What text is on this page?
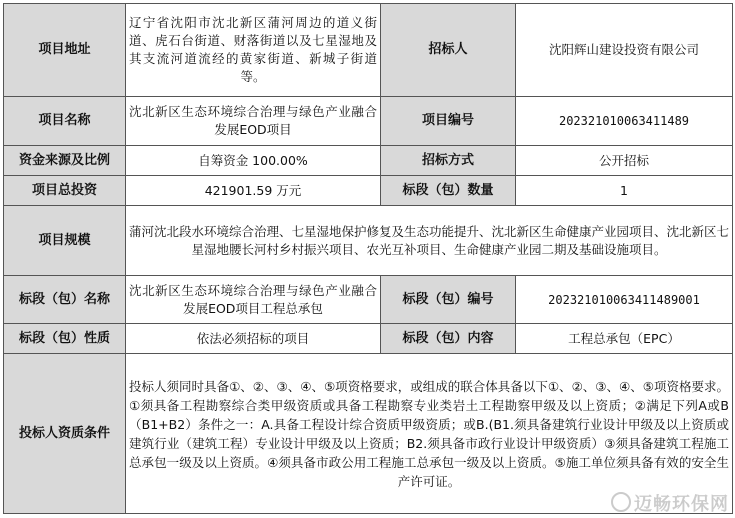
项目地址	辽宁省沈阳市沈北新区蒲河周边的道义街道、虎石台街道、财落街道以及七星湿地及其支流河道流经的黄家街道、新城子街道等。	招标人	沈阳辉山建设投资有限公司
项目名称	沈北新区生态环境综合治理与绿色产业融合发展EOD项目	项目编号	202321010063411489
资金来源及比例	自筹资金 100.00%	招标方式	公开招标
项目总投资	421901.59 万元	标段（包）数量	1
项目规模	蒲河沈北段水环境综合治理、七星湿地保护修复及生态功能提升、沈北新区生命健康产业园项目、沈北新区七星湿地腰长河村乡村振兴项目、农光互补项目、生命健康产业园二期及基础设施项目。		
标段（包）名称	沈北新区生态环境综合治理与绿色产业融合发展EOD项目工程总承包	标段（包）编号	202321010063411489001
标段（包）性质	依法必须招标的项目	标段（包）内容	工程总承包（EPC）
投标人资质条件	投标人须同时具备①、②、③、④、⑤项资格要求，或组成的联合体具备以下①、②、③、④、⑤项资格要求。①须具备工程勘察综合类甲级资质或具备工程勘察专业类岩土工程勘察甲级及以上资质；②满足下列A或B（B1+B2）条件之一：A.具备工程设计综合资质甲级资质；或B.(B1.须具备建筑行业设计甲级及以上资质或建筑行业（建筑工程）专业设计甲级及以上资质；B2.须具备市政行业设计甲级资质）③须具备建筑工程施工总承包一级及以上资质。④须具备市政公用工程施工总承包一级及以上资质。⑤施工单位须具备有效的安全生产许可证。		
迈畅环保网
